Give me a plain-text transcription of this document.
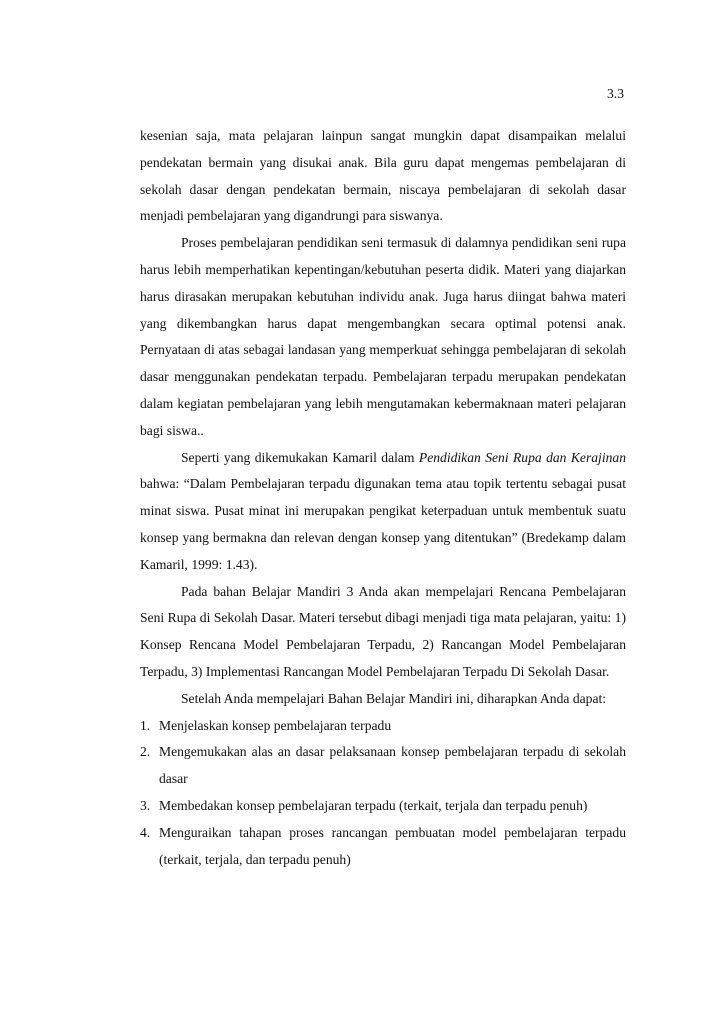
3.3

kesenian saja, mata pelajaran lainpun sangat mungkin dapat disampaikan melalui pendekatan bermain yang disukai anak. Bila guru dapat mengemas pembelajaran di sekolah dasar dengan pendekatan bermain, niscaya pembelajaran di sekolah dasar menjadi pembelajaran yang digandrungi para siswanya.

Proses pembelajaran pendidikan seni termasuk di dalamnya pendidikan seni rupa harus lebih memperhatikan kepentingan/kebutuhan peserta didik. Materi yang diajarkan harus dirasakan merupakan kebutuhan individu anak. Juga harus diingat bahwa materi yang dikembangkan harus dapat mengembangkan secara optimal potensi anak. Pernyataan di atas sebagai landasan yang memperkuat sehingga pembelajaran di sekolah dasar menggunakan pendekatan terpadu. Pembelajaran terpadu merupakan pendekatan dalam kegiatan pembelajaran yang lebih mengutamakan kebermaknaan materi pelajaran bagi siswa..

Seperti yang dikemukakan Kamaril dalam Pendidikan Seni Rupa dan Kerajinan bahwa: “Dalam Pembelajaran terpadu digunakan tema atau topik tertentu sebagai pusat minat siswa. Pusat minat ini merupakan pengikat keterpaduan untuk membentuk suatu konsep yang bermakna dan relevan dengan konsep yang ditentukan” (Bredekamp dalam Kamaril, 1999: 1.43).

Pada bahan Belajar Mandiri 3 Anda akan mempelajari Rencana Pembelajaran Seni Rupa di Sekolah Dasar. Materi tersebut dibagi menjadi tiga mata pelajaran, yaitu: 1) Konsep Rencana Model Pembelajaran Terpadu, 2) Rancangan Model Pembelajaran Terpadu, 3) Implementasi Rancangan Model Pembelajaran Terpadu Di Sekolah Dasar.

Setelah Anda mempelajari Bahan Belajar Mandiri ini, diharapkan Anda dapat:

1. Menjelaskan konsep pembelajaran terpadu
2. Mengemukakan alas an dasar pelaksanaan konsep pembelajaran terpadu di sekolah dasar
3. Membedakan konsep pembelajaran terpadu (terkait, terjala dan terpadu penuh)
4. Menguraikan tahapan proses rancangan pembuatan model pembelajaran terpadu (terkait, terjala, dan terpadu penuh)
